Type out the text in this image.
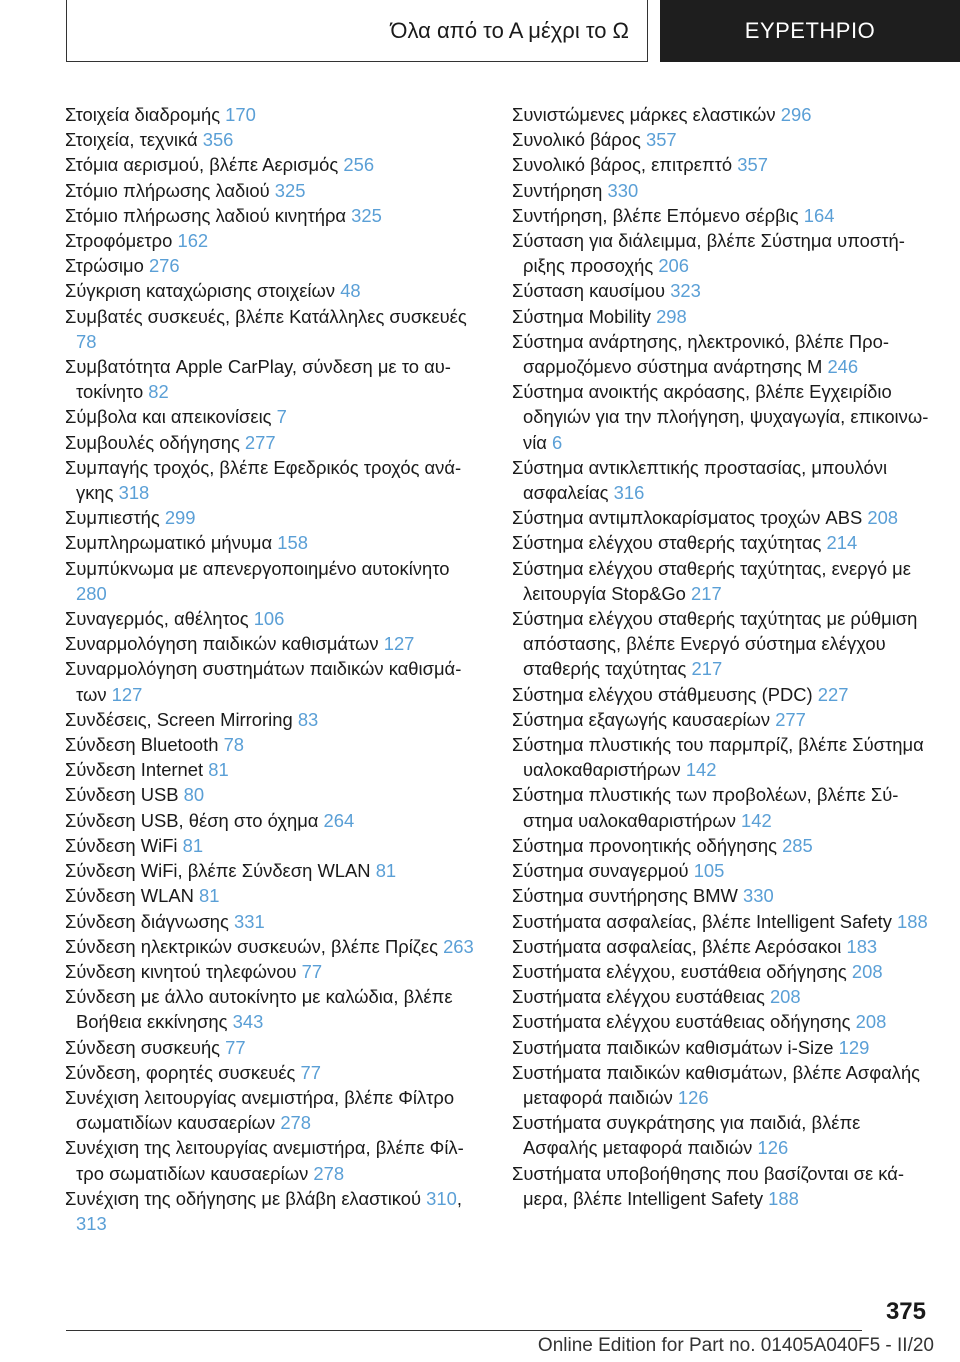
Όλα από το Α μέχρι το Ω	ΕΥΡΕΤΗΡΙΟ
Στοιχεία διαδρομής 170
Στοιχεία, τεχνικά 356
Στόμια αερισμού, βλέπε Αερισμός 256
Στόμιο πλήρωσης λαδιού 325
Στόμιο πλήρωσης λαδιού κινητήρα 325
Στροφόμετρο 162
Στρώσιμο 276
Σύγκριση καταχώρισης στοιχείων 48
Συμβατές συσκευές, βλέπε Κατάλληλες συσκευές 78
Συμβατότητα Apple CarPlay, σύνδεση με το αυτοκίνητο 82
Σύμβολα και απεικονίσεις 7
Συμβουλές οδήγησης 277
Συμπαγής τροχός, βλέπε Εφεδρικός τροχός ανάγκης 318
Συμπιεστής 299
Συμπληρωματικό μήνυμα 158
Συμπύκνωμα με απενεργοποιημένο αυτοκίνητο 280
Συναγερμός, αθέλητος 106
Συναρμολόγηση παιδικών καθισμάτων 127
Συναρμολόγηση συστημάτων παιδικών καθισμάτων 127
Συνδέσεις, Screen Mirroring 83
Σύνδεση Bluetooth 78
Σύνδεση Internet 81
Σύνδεση USB 80
Σύνδεση USB, θέση στο όχημα 264
Σύνδεση WiFi 81
Σύνδεση WiFi, βλέπε Σύνδεση WLAN 81
Σύνδεση WLAN 81
Σύνδεση διάγνωσης 331
Σύνδεση ηλεκτρικών συσκευών, βλέπε Πρίζες 263
Σύνδεση κινητού τηλεφώνου 77
Σύνδεση με άλλο αυτοκίνητο με καλώδια, βλέπε Βοήθεια εκκίνησης 343
Σύνδεση συσκευής 77
Σύνδεση, φορητές συσκευές 77
Συνέχιση λειτουργίας ανεμιστήρα, βλέπε Φίλτρο σωματιδίων καυσαερίων 278
Συνέχιση της λειτουργίας ανεμιστήρα, βλέπε Φίλτρο σωματιδίων καυσαερίων 278
Συνέχιση της οδήγησης με βλάβη ελαστικού 310, 313
Συνιστώμενες μάρκες ελαστικών 296
Συνολικό βάρος 357
Συνολικό βάρος, επιτρεπτό 357
Συντήρηση 330
Συντήρηση, βλέπε Επόμενο σέρβις 164
Σύσταση για διάλειμμα, βλέπε Σύστημα υποστήριξης προσοχής 206
Σύσταση καυσίμου 323
Σύστημα Mobility 298
Σύστημα ανάρτησης, ηλεκτρονικό, βλέπε Προσαρμοζόμενο σύστημα ανάρτησης M 246
Σύστημα ανοικτής ακρόασης, βλέπε Εγχειρίδιο οδηγιών για την πλοήγηση, ψυχαγωγία, επικοινωνία 6
Σύστημα αντικλεπτικής προστασίας, μπουλόνι ασφαλείας 316
Σύστημα αντιμπλοκαρίσματος τροχών ABS 208
Σύστημα ελέγχου σταθερής ταχύτητας 214
Σύστημα ελέγχου σταθερής ταχύτητας, ενεργό με λειτουργία Stop&Go 217
Σύστημα ελέγχου σταθερής ταχύτητας με ρύθμιση απόστασης, βλέπε Ενεργό σύστημα ελέγχου σταθερής ταχύτητας 217
Σύστημα ελέγχου στάθμευσης (PDC) 227
Σύστημα εξαγωγής καυσαερίων 277
Σύστημα πλυστικής του παρμπρίζ, βλέπε Σύστημα υαλοκαθαριστήρων 142
Σύστημα πλυστικής των προβολέων, βλέπε Σύστημα υαλοκαθαριστήρων 142
Σύστημα προνοητικής οδήγησης 285
Σύστημα συναγερμού 105
Σύστημα συντήρησης BMW 330
Συστήματα ασφαλείας, βλέπε Intelligent Safety 188
Συστήματα ασφαλείας, βλέπε Αερόσακοι 183
Συστήματα ελέγχου, ευστάθεια οδήγησης 208
Συστήματα ελέγχου ευστάθειας 208
Συστήματα ελέγχου ευστάθειας οδήγησης 208
Συστήματα παιδικών καθισμάτων i-Size 129
Συστήματα παιδικών καθισμάτων, βλέπε Ασφαλής μεταφορά παιδιών 126
Συστήματα συγκράτησης για παιδιά, βλέπε Ασφαλής μεταφορά παιδιών 126
Συστήματα υποβοήθησης που βασίζονται σε κάμερα, βλέπε Intelligent Safety 188
375
Online Edition for Part no. 01405A040F5 - II/20
